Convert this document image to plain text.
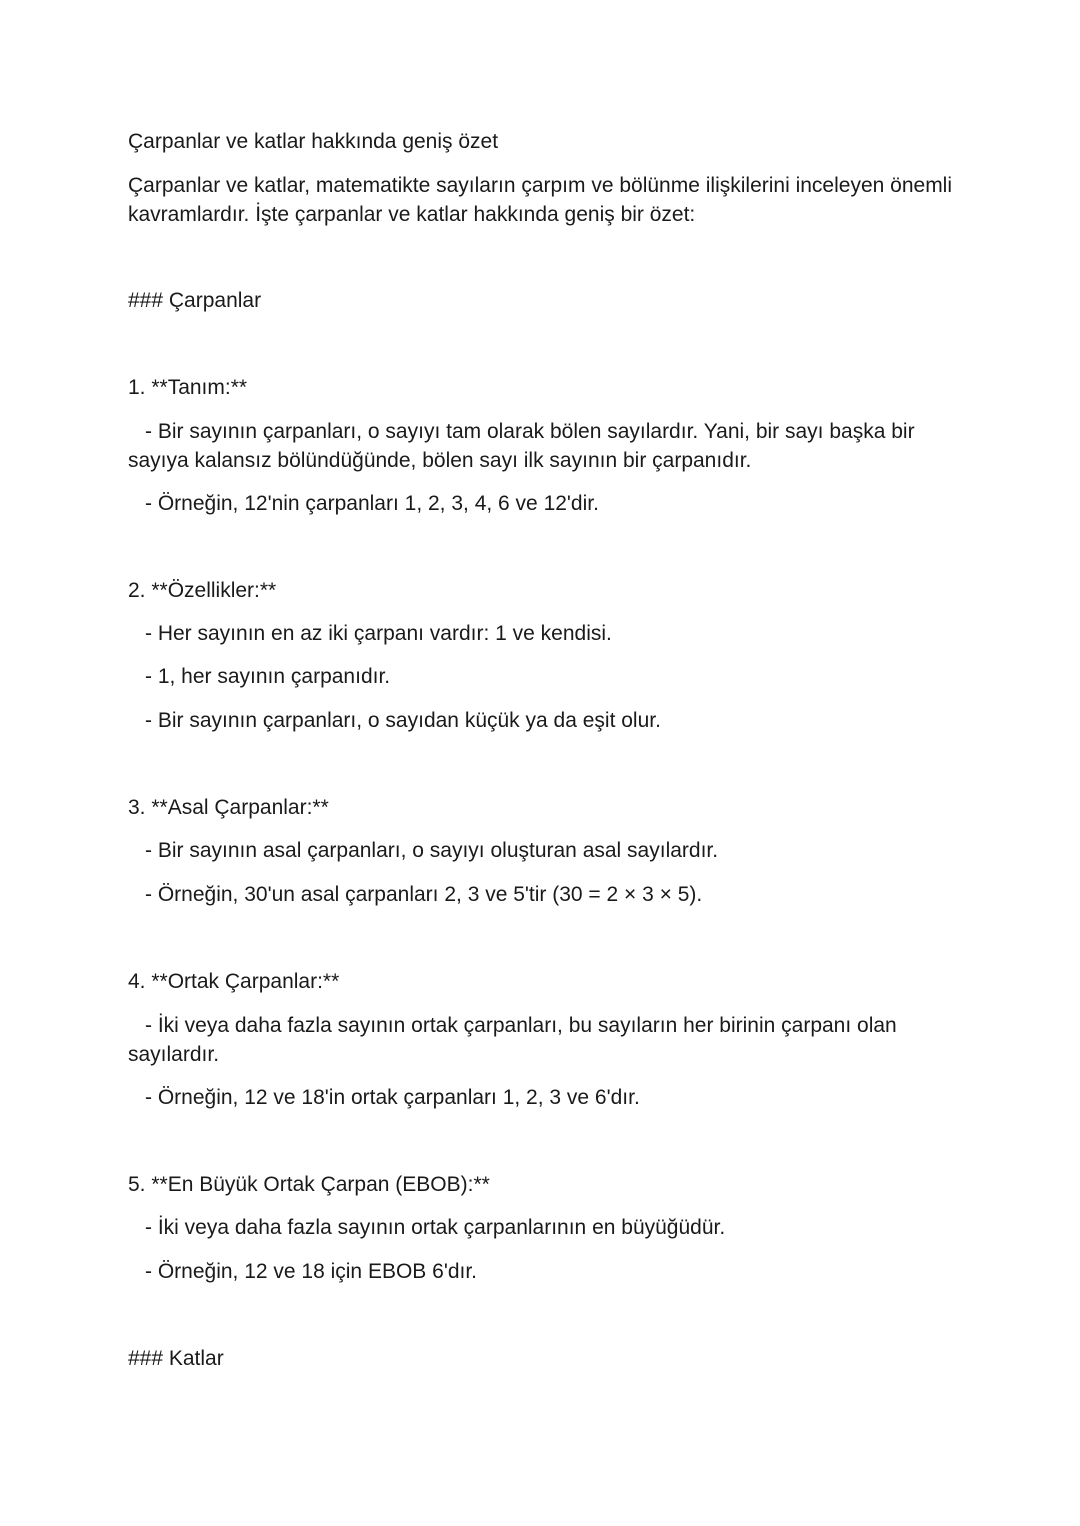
Çarpanlar ve katlar hakkında geniş özet
Çarpanlar ve katlar, matematikte sayıların çarpım ve bölünme ilişkilerini inceleyen önemli kavramlardır. İşte çarpanlar ve katlar hakkında geniş bir özet:
### Çarpanlar
1. **Tanım:**
- Bir sayının çarpanları, o sayıyı tam olarak bölen sayılardır. Yani, bir sayı başka bir sayıya kalansız bölündüğünde, bölen sayı ilk sayının bir çarpanıdır.
- Örneğin, 12'nin çarpanları 1, 2, 3, 4, 6 ve 12'dir.
2. **Özellikler:**
- Her sayının en az iki çarpanı vardır: 1 ve kendisi.
- 1, her sayının çarpanıdır.
- Bir sayının çarpanları, o sayıdan küçük ya da eşit olur.
3. **Asal Çarpanlar:**
- Bir sayının asal çarpanları, o sayıyı oluşturan asal sayılardır.
- Örneğin, 30'un asal çarpanları 2, 3 ve 5'tir (30 = 2 × 3 × 5).
4. **Ortak Çarpanlar:**
- İki veya daha fazla sayının ortak çarpanları, bu sayıların her birinin çarpanı olan sayılardır.
- Örneğin, 12 ve 18'in ortak çarpanları 1, 2, 3 ve 6'dır.
5. **En Büyük Ortak Çarpan (EBOB):**
- İki veya daha fazla sayının ortak çarpanlarının en büyüğüdür.
- Örneğin, 12 ve 18 için EBOB 6'dır.
### Katlar
